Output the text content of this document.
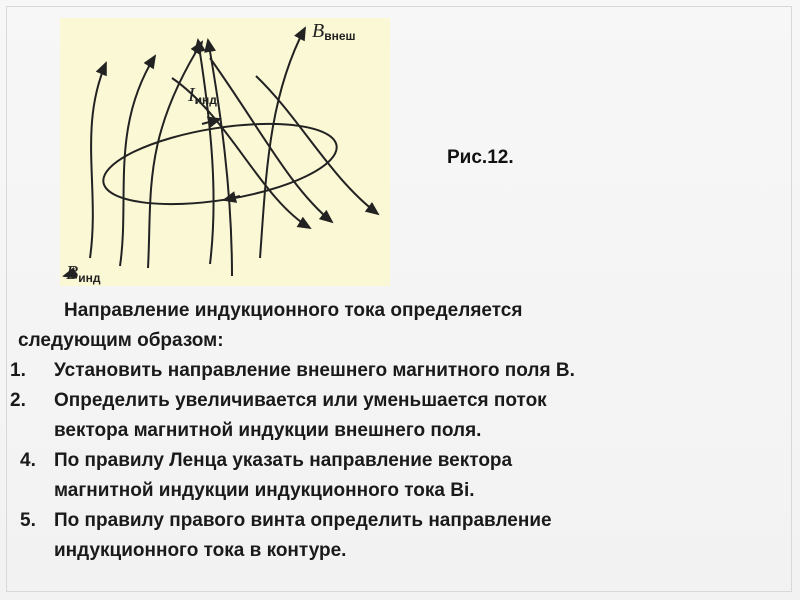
$B_{внеш}$
$I_{инд}$
$B_{инд}$
Рис.12.
Направление индукционного тока определяется
следующим образом:
1. Установить направление внешнего магнитного поля В.
2. Определить увеличивается или уменьшается поток
вектора магнитной индукции внешнего поля.
4. По правилу Ленца указать направление вектора
магнитной индукции индукционного тока Вi.
5. По правилу правого винта определить направление
индукционного тока в контуре.
